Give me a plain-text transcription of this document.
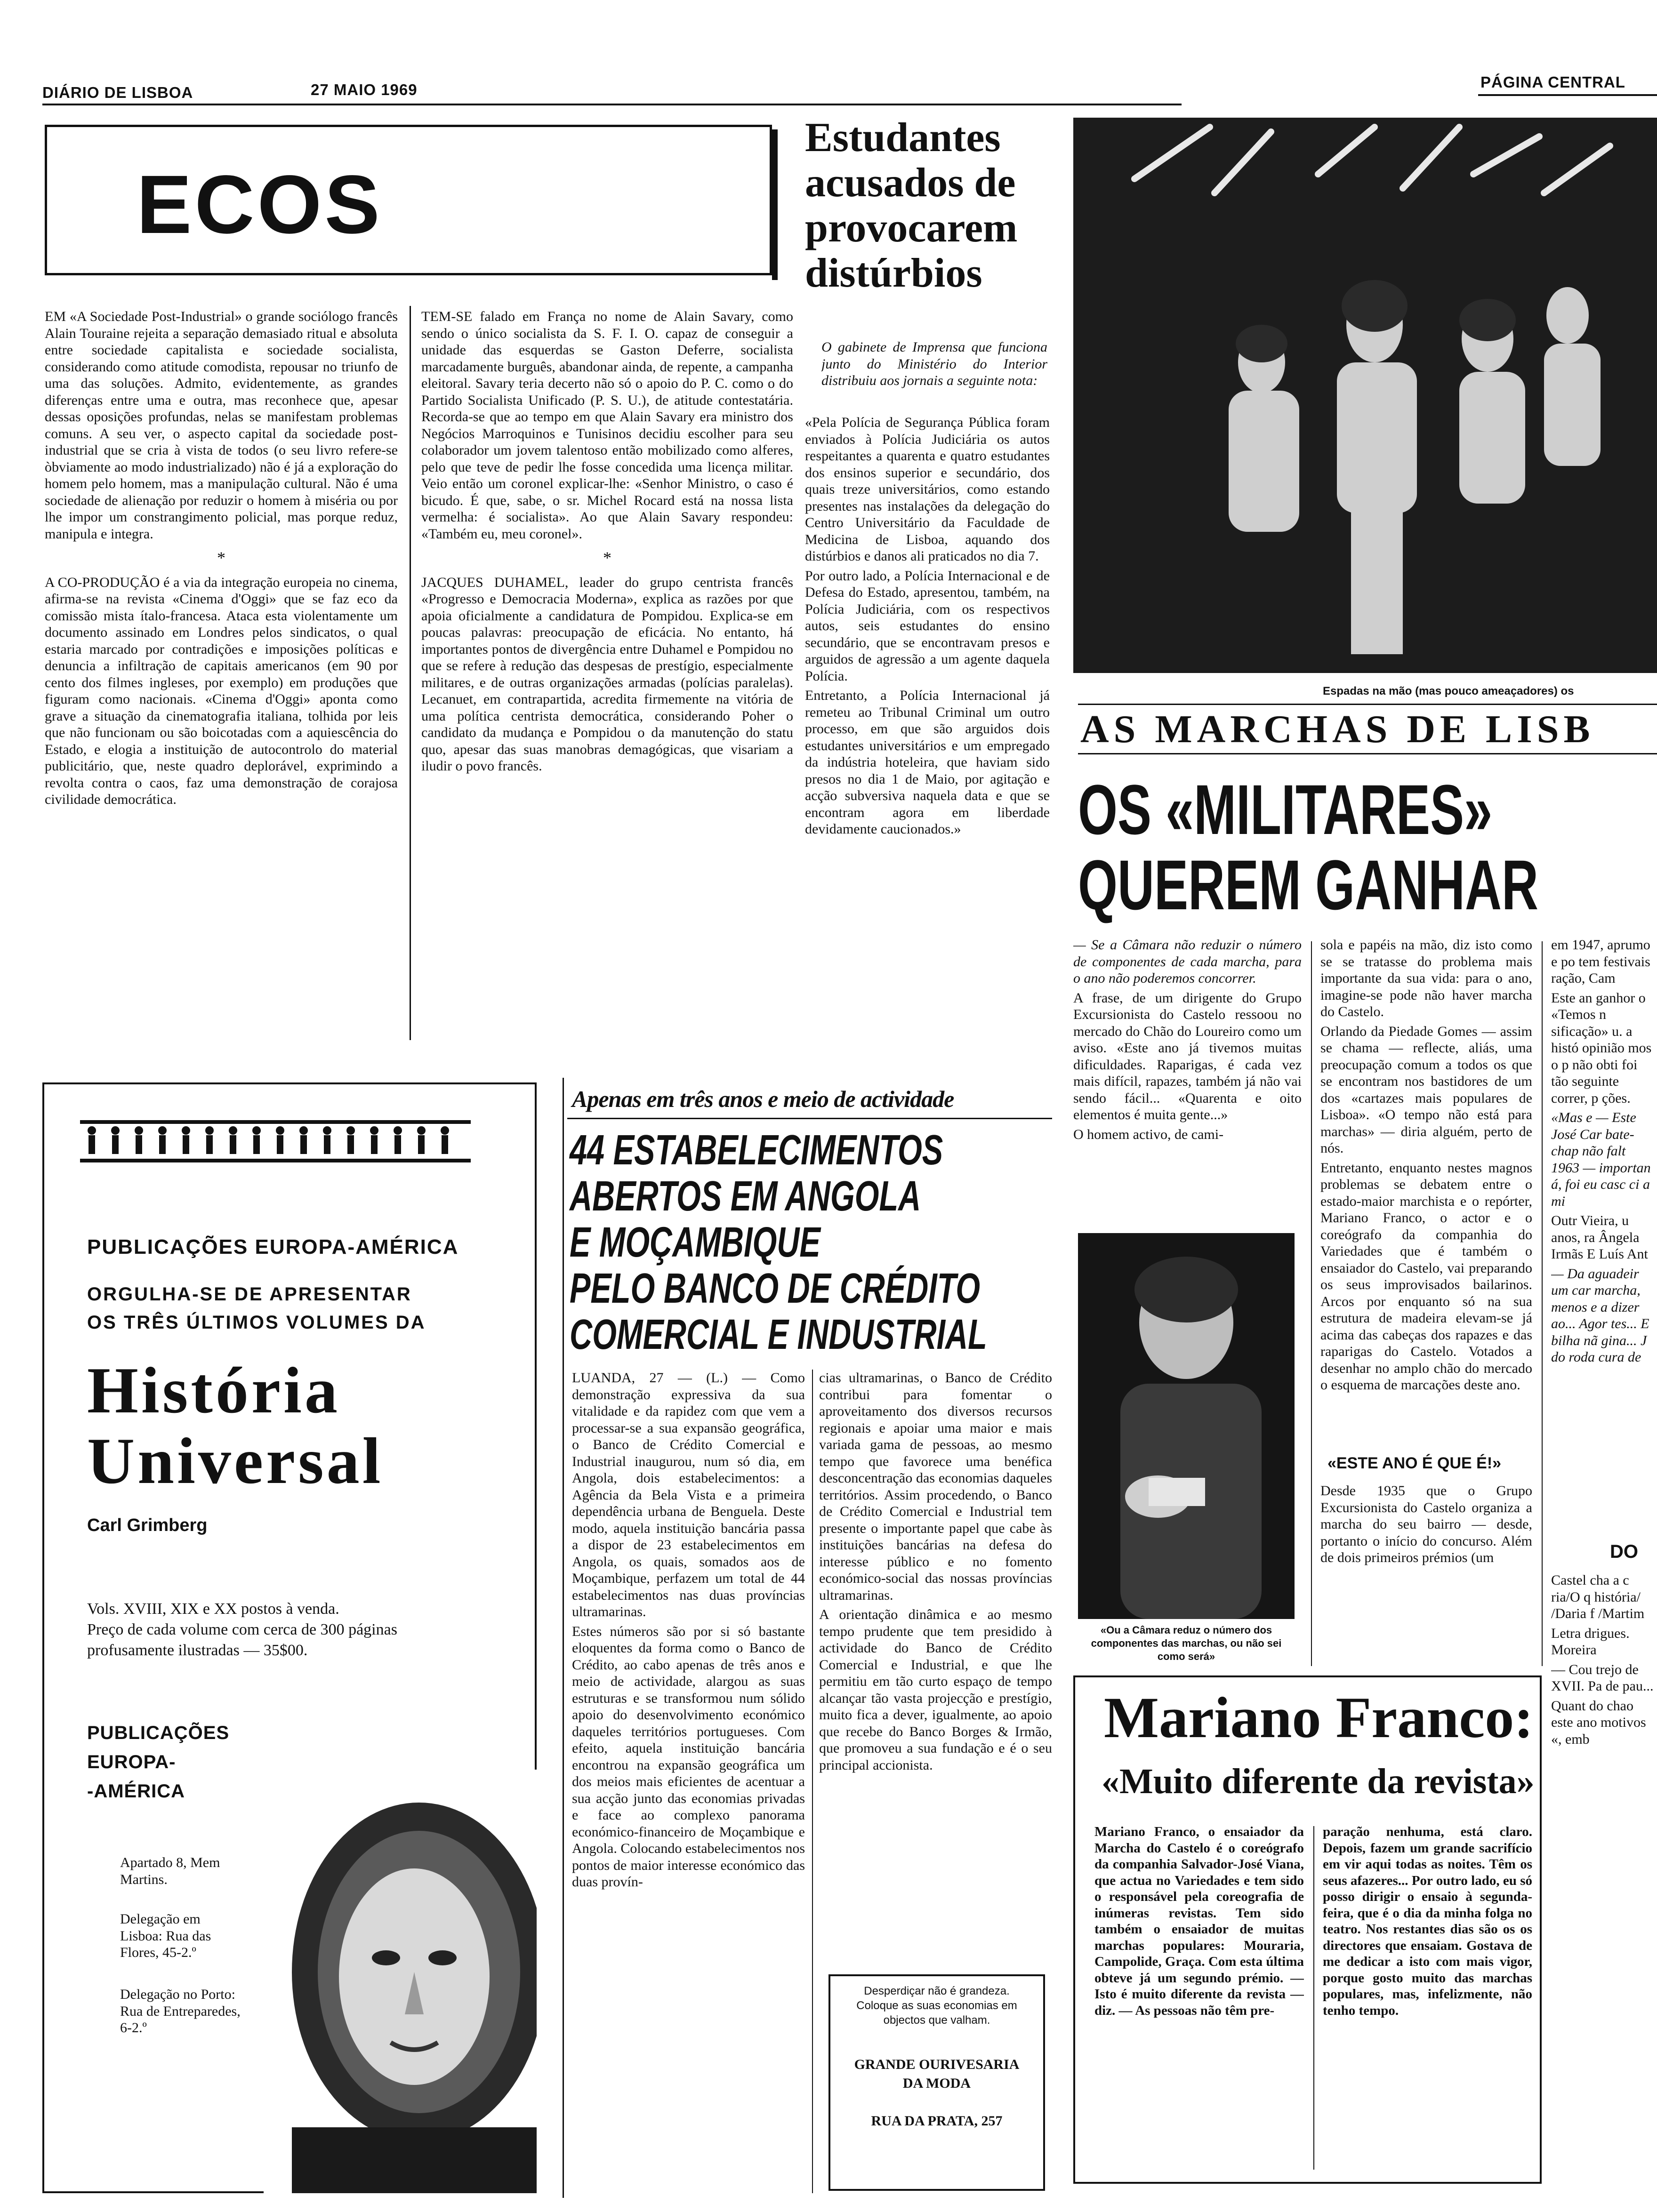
DIÁRIO DE LISBOA	27 MAIO 1969	PÁGINA CENTRAL
ECOS

EM «A Sociedade Post-Industrial» o grande sociólogo francês Alain Touraine rejeita a separação demasiado ritual e absoluta entre sociedade capitalista e sociedade socialista, considerando como atitude comodista, repousar no triunfo de uma das soluções. Admito, evidentemente, as grandes diferenças entre uma e outra, mas reconhece que, apesar dessas oposições profundas, nelas se manifestam problemas comuns. A seu ver, o aspecto capital da sociedade post-industrial que se cria à vista de todos (o seu livro refere-se òbviamente ao modo industrializado) não é já a exploração do homem pelo homem, mas a manipulação cultural. Não é uma sociedade de alienação por reduzir o homem à miséria ou por lhe impor um constrangimento policial, mas porque reduz, manipula e integra.

*

A CO-PRODUÇÃO é a via da integração europeia no cinema, afirma-se na revista «Cinema d'Oggi» que se faz eco da comissão mista ítalo-francesa. Ataca esta violentamente um documento assinado em Londres pelos sindicatos, o qual estaria marcado por contradições e imposições políticas e denuncia a infiltração de capitais americanos (em 90 por cento dos filmes ingleses, por exemplo) em produções que figuram como nacionais. «Cinema d'Oggi» aponta como grave a situação da cinematografia italiana, tolhida por leis que não funcionam ou são boicotadas com a aquiescência do Estado, e elogia a instituição de autocontrolo do material publicitário, que, neste quadro deplorável, exprimindo a revolta contra o caos, faz uma demonstração de corajosa civilidade democrática.

TEM-SE falado em França no nome de Alain Savary, como sendo o único socialista da S. F. I. O. capaz de conseguir a unidade das esquerdas se Gaston Deferre, socialista marcadamente burguês, abandonar ainda, de repente, a campanha eleitoral. Savary teria decerto não só o apoio do P. C. como o do Partido Socialista Unificado (P. S. U.), de atitude contestatária. Recorda-se que ao tempo em que Alain Savary era ministro dos Negócios Marroquinos e Tunisinos decidiu escolher para seu colaborador um jovem talentoso então mobilizado como alferes, pelo que teve de pedir lhe fosse concedida uma licença militar. Veio então um coronel explicar-lhe: «Senhor Ministro, o caso é bicudo. É que, sabe, o sr. Michel Rocard está na nossa lista vermelha: é socialista». Ao que Alain Savary respondeu: «Também eu, meu coronel».

*

JACQUES DUHAMEL, leader do grupo centrista francês «Progresso e Democracia Moderna», explica as razões por que apoia oficialmente a candidatura de Pompidou. Explica-se em poucas palavras: preocupação de eficácia. No entanto, há importantes pontos de divergência entre Duhamel e Pompidou no que se refere à redução das despesas de prestígio, especialmente militares, e de outras organizações armadas (polícias paralelas). Lecanuet, em contrapartida, acredita firmemente na vitória de uma política centrista democrática, considerando Poher o candidato da mudança e Pompidou o da manutenção do statu quo, apesar das suas manobras demagógicas, que visariam a iludir o povo francês.

Estudantes acusados de provocarem distúrbios
O gabinete de Imprensa que funciona junto do Ministério do Interior distribuiu aos jornais a seguinte nota:

«Pela Polícia de Segurança Pública foram enviados à Polícia Judiciária os autos respeitantes a quarenta e quatro estudantes dos ensinos superior e secundário, dos quais treze universitários, como estando presentes nas instalações da delegação do Centro Universitário da Faculdade de Medicina de Lisboa, aquando dos distúrbios e danos ali praticados no dia 7.

Por outro lado, a Polícia Internacional e de Defesa do Estado, apresentou, também, na Polícia Judiciária, com os respectivos autos, seis estudantes do ensino secundário, que se encontravam presos e arguidos de agressão a um agente daquela Polícia.

Entretanto, a Polícia Internacional já remeteu ao Tribunal Criminal um outro processo, em que são arguidos dois estudantes universitários e um empregado da indústria hoteleira, que haviam sido presos no dia 1 de Maio, por agitação e acção subversiva naquela data e que se encontram agora em liberdade devidamente caucionados.»

Espadas na mão (mas pouco ameaçadores) os
AS MARCHAS DE LISB
OS «MILITARES»
QUEREM GANHAR

— Se a Câmara não reduzir o número de componentes de cada marcha, para o ano não poderemos concorrer.

A frase, de um dirigente do Grupo Excursionista do Castelo ressoou no mercado do Chão do Loureiro como um aviso. «Este ano já tivemos muitas dificuldades. Raparigas, é cada vez mais difícil, rapazes, também já não vai sendo fácil... «Quarenta e oito elementos é muita gente...»

O homem activo, de cami-

«Ou a Câmara reduz o número dos componentes das marchas, ou não sei como será»

sola e papéis na mão, diz isto como se se tratasse do problema mais importante da sua vida: para o ano, imagine-se pode não haver marcha do Castelo.

Orlando da Piedade Gomes — assim se chama — reflecte, aliás, uma preocupação comum a todos os que se encontram nos bastidores de um dos «cartazes mais populares de Lisboa». «O tempo não está para marchas» — diria alguém, perto de nós.

Entretanto, enquanto nestes magnos problemas se debatem entre o estado-maior marchista e o repórter, Mariano Franco, o actor e o coreógrafo da companhia do Variedades que é também o ensaiador do Castelo, vai preparando os seus improvisados bailarinos. Arcos por enquanto só na sua estrutura de madeira elevam-se já acima das cabeças dos rapazes e das raparigas do Castelo. Votados a desenhar no amplo chão do mercado o esquema de marcações deste ano.

«ESTE ANO É QUE É!»
Desde 1935 que o Grupo Excursionista do Castelo organiza a marcha do seu bairro — desde, portanto o início do concurso. Além de dois primeiros prémios (um

em 1947, aprumo e po tem festivais ração, Cam

Este an ganhor o «Temos n sificação» u. a histó opinião mos o p não obti foi tão seguinte correr, p ções.

«Mas e — Este José Car bate-chap não falt 1963 — importan á, foi eu casc ci a mi

Outr Vieira, u anos, ra Ângela Irmãs E Luís Ant

— Da aguadeir um car marcha, menos e a dizer ao... Agor tes... E bilha nã gina... J do roda cura de

DO

Castel cha a c ria/O q história/ /Daria f /Martim

Letra drigues. Moreira

— Cou trejo de XVII. Pa de pau...

Quant do chao este ano motivos «, emb

Mariano Franco:
«Muito diferente da revista»
Mariano Franco, o ensaiador da Marcha do Castelo é o coreógrafo da companhia Salvador-José Viana, que actua no Variedades e tem sido o responsável pela coreografia de inúmeras revistas. Tem sido também o ensaiador de muitas marchas populares: Mouraria, Campolide, Graça. Com esta última obteve já um segundo prémio. — Isto é muito diferente da revista — diz. — As pessoas não têm pre-
paração nenhuma, está claro. Depois, fazem um grande sacrifício em vir aqui todas as noites. Têm os seus afazeres... Por outro lado, eu só posso dirigir o ensaio à segunda-feira, que é o dia da minha folga no teatro. Nos restantes dias são os os directores que ensaiam. Gostava de me dedicar a isto com mais vigor, porque gosto muito das marchas populares, mas, infelizmente, não tenho tempo.
PUBLICAÇÕES EUROPA-AMÉRICA
ORGULHA-SE DE APRESENTAR
OS TRÊS ÚLTIMOS VOLUMES DA
História
Universal
Carl Grimberg
Vols. XVIII, XIX e XX postos à venda.
Preço de cada volume com cerca de 300 páginas
profusamente ilustradas — 35$00.
PUBLICAÇÕES
EUROPA-
-AMÉRICA
Apartado 8, Mem Martins.
Delegação em Lisboa: Rua das Flores, 45-2.º
Delegação no Porto: Rua de Entreparedes, 6-2.º
Apenas em três anos e meio de actividade
44 ESTABELECIMENTOS
ABERTOS EM ANGOLA
E MOÇAMBIQUE
PELO BANCO DE CRÉDITO
COMERCIAL E INDUSTRIAL

LUANDA, 27 — (L.) — Como demonstração expressiva da sua vitalidade e da rapidez com que vem a processar-se a sua expansão geográfica, o Banco de Crédito Comercial e Industrial inaugurou, num só dia, em Angola, dois estabelecimentos: a Agência da Bela Vista e a primeira dependência urbana de Benguela. Deste modo, aquela instituição bancária passa a dispor de 23 estabelecimentos em Angola, os quais, somados aos de Moçambique, perfazem um total de 44 estabelecimentos nas duas províncias ultramarinas.

Estes números são por si só bastante eloquentes da forma como o Banco de Crédito, ao cabo apenas de três anos e meio de actividade, alargou as suas estruturas e se transformou num sólido apoio do desenvolvimento económico daqueles territórios portugueses. Com efeito, aquela instituição bancária encontrou na expansão geográfica um dos meios mais eficientes de acentuar a sua acção junto das economias privadas e face ao complexo panorama económico-financeiro de Moçambique e Angola. Colocando estabelecimentos nos pontos de maior interesse económico das duas provín-

cias ultramarinas, o Banco de Crédito contribui para fomentar o aproveitamento dos diversos recursos regionais e apoiar uma maior e mais variada gama de pessoas, ao mesmo tempo que favorece uma benéfica desconcentração das economias daqueles territórios. Assim procedendo, o Banco de Crédito Comercial e Industrial tem presente o importante papel que cabe às instituições bancárias na defesa do interesse público e no fomento económico-social das nossas províncias ultramarinas.

A orientação dinâmica e ao mesmo tempo prudente que tem presidido à actividade do Banco de Crédito Comercial e Industrial, e que lhe permitiu em tão curto espaço de tempo alcançar tão vasta projecção e prestígio, muito fica a dever, igualmente, ao apoio que recebe do Banco Borges & Irmão, que promoveu a sua fundação e é o seu principal accionista.

Desperdiçar não é grandeza. Coloque as suas economias em objectos que valham.
GRANDE OURIVESARIA
DA MODA
RUA DA PRATA, 257
